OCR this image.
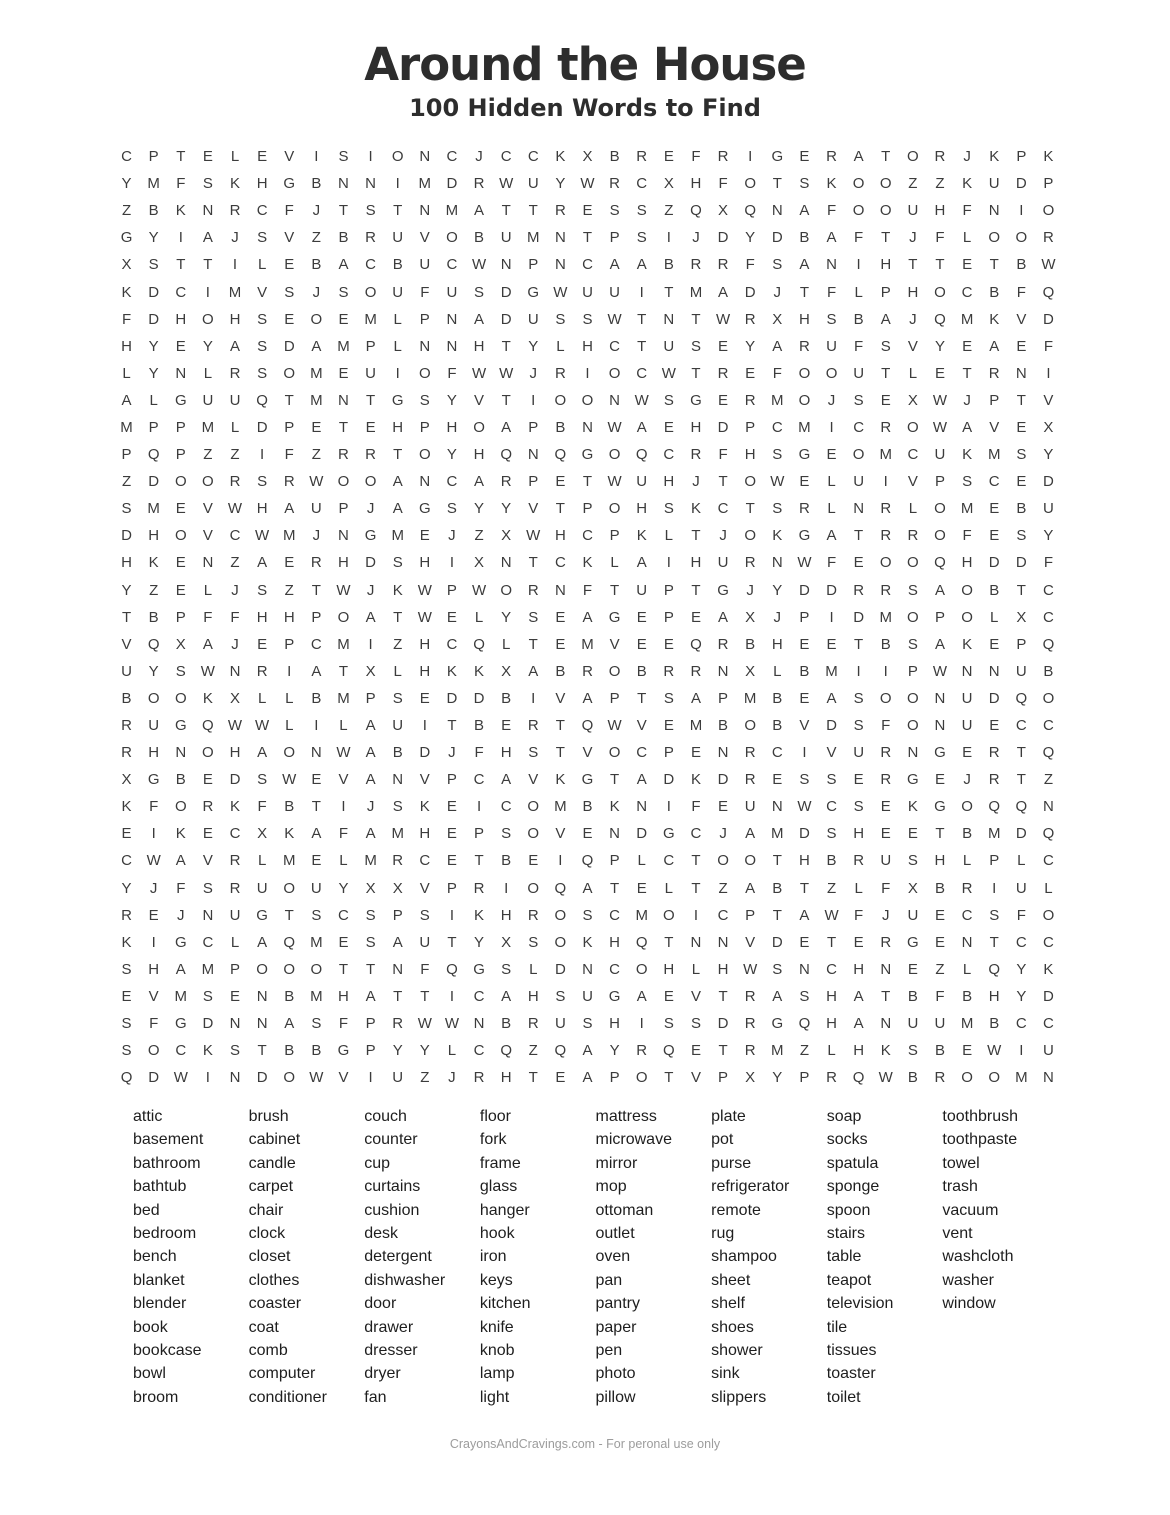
Around the House
100 Hidden Words to Find
C	P	T	E	L	E	V	I	S	I	O	N	C	J	C	C	K	X	B	R	E	F	R	I	G	E	R	A	T	O	R	J	K	P	K
Y	M	F	S	K	H	G	B	N	N	I	M	D	R W U	Y	W R	C	X	H	F	O	T	S	K	O	O	Z	Z	K	U	D	P
Z	B	K	N	R	C	F	J	T	S	T	N	M	A	T	T	R	E	S	S	Z	Q	X	Q	N	A	F	O	O	U	H	F	N	I	O
G	Y	I	A	J	S	V	Z	B	R	U	V	O	B	U	M	N	T	P	S	I	J	D	Y	D	B	A	F	T	J	F	L	O	O	R
X	S	T	T	I	L	E	B	A	C	B	U	C W N	P	N	C	A	A	B	R	R	F	S	A	N	I	H	T	T	E	T	B	W
K	D	C	I	M	V	S	J	S	O	U	F	U	S	D	G W U	U	I	T	M	A	D	J	T	F	L	P	H	O	C	B	F	Q
F	D	H	O	H	S	E	O	E	M	L	P	N	A	D	U	S	S	W	T	N	T	W R	X	H	S	B	A	J	Q	M	K	V	D
H	Y	E	Y	A	S	D	A	M	P	L	N	N	H	T	Y	L	H	C	T	U	S	E	Y	A	R	U	F	S	V	Y	E	A	E	F
L	Y	N	L	R	S	O	M	E	U	I	O	F	W W	J	R	I	O	C W	T	R	E	F	O	O	U	T	L	E	T	R	N	I
A	L	G	U	U	Q	T	M	N	T	G	S	Y	V	T	I	O	O	N W	S	G	E	R	M	O	J	S	E	X	W	J	P	T	V
M	P	P	M	L	D	P	E	T	E	H	P	H	O	A	P	B	N W	A	E	H	D	P	C	M	I	C	R	O W	A	V	E	X
P	Q	P	Z	Z	I	F	Z	R	R	T	O	Y	H	Q	N	Q	G	O	Q	C	R	F	H	S	G	E	O	M	C	U	K	M	S	Y
Z	D	O	O	R	S	R W O	O	A	N	C	A	R	P	E	T	W U	H	J	T	O W	E	L	U	I	V	P	S	C	E	D
S	M	E	V	W H	A	U	P	J	A	G	S	Y	Y	V	T	P	O	H	S	K	C	T	S	R	L	N	R	L	O	M	E	B	U
D	H	O	V	C W M	J	N	G	M	E	J	Z	X	W H	C	P	K	L	T	J	O	K	G	A	T	R	R	O	F	E	S	Y
H	K	E	N	Z	A	E	R	H	D	S	H	I	X	N	T	C	K	L	A	I	H	U	R	N W	F	E	O	O	Q	H	D	D	F
Y	Z	E	L	J	S	Z	T	W	J	K	W	P	W O	R	N	F	T	U	P	T	G	J	Y	D	D	R	R	S	A	O	B	T	C
T	B	P	F	F	H	H	P	O	A	T	W	E	L	Y	S	E	A	G	E	P	E	A	X	J	P	I	D	M	O	P	O	L	X	C
V	Q	X	A	J	E	P	C	M	I	Z	H	C	Q	L	T	E	M	V	E	E	Q	R	B	H	E	E	T	B	S	A	K	E	P	Q
U	Y	S	W N	R	I	A	T	X	L	H	K	K	X	A	B	R	O	B	R	R	N	X	L	B	M	I	I	P	W N	N	U	B
B	O	O	K	X	L	L	B	M	P	S	E	D	D	B	I	V	A	P	T	S	A	P	M	B	E	A	S	O	O	N	U	D	Q	O
R	U	G	Q W W	L	I	L	A	U	I	T	B	E	R	T	Q W	V	E	M	B	O	B	V	D	S	F	O	N	U	E	C	C
R	H	N	O	H	A	O	N W	A	B	D	J	F	H	S	T	V	O	C	P	E	N	R	C	I	V	U	R	N	G	E	R	T	Q
X	G	B	E	D	S	W	E	V	A	N	V	P	C	A	V	K	G	T	A	D	K	D	R	E	S	S	E	R	G	E	J	R	T	Z
K	F	O	R	K	F	B	T	I	J	S	K	E	I	C	O	M	B	K	N	I	F	E	U	N W C	S	E	K	G	O	Q	Q	N
E	I	K	E	C	X	K	A	F	A	M	H	E	P	S	O	V	E	N	D	G	C	J	A	M	D	S	H	E	E	T	B	M	D	Q
C W	A	V	R	L	M	E	L	M	R	C	E	T	B	E	I	Q	P	L	C	T	O	O	T	H	B	R	U	S	H	L	P	L	C
Y	J	F	S	R	U	O	U	Y	X	X	V	P	R	I	O	Q	A	T	E	L	T	Z	A	B	T	Z	L	F	X	B	R	I	U	L
R	E	J	N	U	G	T	S	C	S	P	S	I	K	H	R	O	S	C	M	O	I	C	P	T	A	W	F	J	U	E	C	S	F	O
K	I	G	C	L	A	Q	M	E	S	A	U	T	Y	X	S	O	K	H	Q	T	N	N	V	D	E	T	E	R	G	E	N	T	C	C
S	H	A	M	P	O	O	O	T	T	N	F	Q	G	S	L	D	N	C	O	H	L	H W	S	N	C	H	N	E	Z	L	Q	Y	K
E	V	M	S	E	N	B	M	H	A	T	T	I	C	A	H	S	U	G	A	E	V	T	R	A	S	H	A	T	B	F	B	H	Y	D
S	F	G	D	N	N	A	S	F	P	R W W N	B	R	U	S	H	I	S	S	D	R	G	Q	H	A	N	U	U	M	B	C	C
S	O	C	K	S	T	B	B	G	P	Y	Y	L	C	Q	Z	Q	A	Y	R	Q	E	T	R	M	Z	L	H	K	S	B	E	W	I	U
Q	D W	I	N	D	O W	V	I	U	Z	J	R	H	T	E	A	P	O	T	V	P	X	Y	P	R	Q W	B	R	O	O	M	N
attic
basement
bathroom
bathtub
bed
bedroom
bench
blanket
blender
book
bookcase
bowl
broom
brush
cabinet
candle
carpet
chair
clock
closet
clothes
coaster
coat
comb
computer
conditioner
couch
counter
cup
curtains
cushion
desk
detergent
dishwasher
door
drawer
dresser
dryer
fan
floor
fork
frame
glass
hanger
hook
iron
keys
kitchen
knife
knob
lamp
light
mattress
microwave
mirror
mop
ottoman
outlet
oven
pan
pantry
paper
pen
photo
pillow
plate
pot
purse
refrigerator
remote
rug
shampoo
sheet
shelf
shoes
shower
sink
slippers
soap
socks
spatula
sponge
spoon
stairs
table
teapot
television
tile
tissues
toaster
toilet
toothbrush
toothpaste
towel
trash
vacuum
vent
washcloth
washer
window
CrayonsAndCravings.com - For peronal use only
